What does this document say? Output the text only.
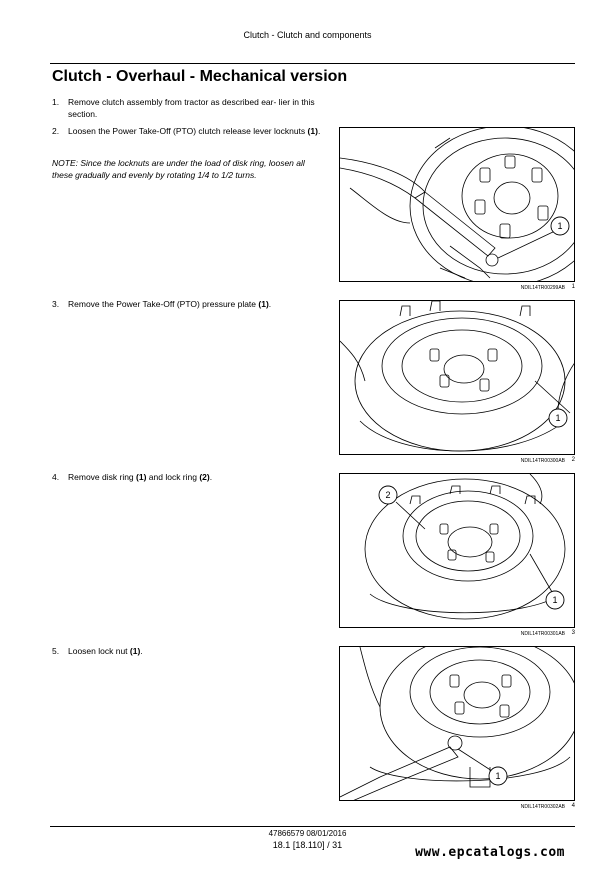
Clutch - Clutch and components
Clutch - Overhaul - Mechanical version
1.	Remove clutch assembly from tractor as described ear- lier in this section.
2.	Loosen the Power Take-Off (PTO) clutch release lever locknuts (1).
NOTE: Since the locknuts are under the load of disk ring, loosen all these gradually and evenly by rotating 1/4 to 1/2 turns.
3.	Remove the Power Take-Off (PTO) pressure plate (1).
4.	Remove disk ring (1) and lock ring (2).
5.	Loosen lock nut (1).
1
NDIL14TR00299AB 1
1
NDIL14TR00300AB 2
2
1
NDIL14TR00301AB 3
1
NDIL14TR00302AB 4
47866579 08/01/2016
18.1 [18.110] / 31	www.epcatalogs.com
